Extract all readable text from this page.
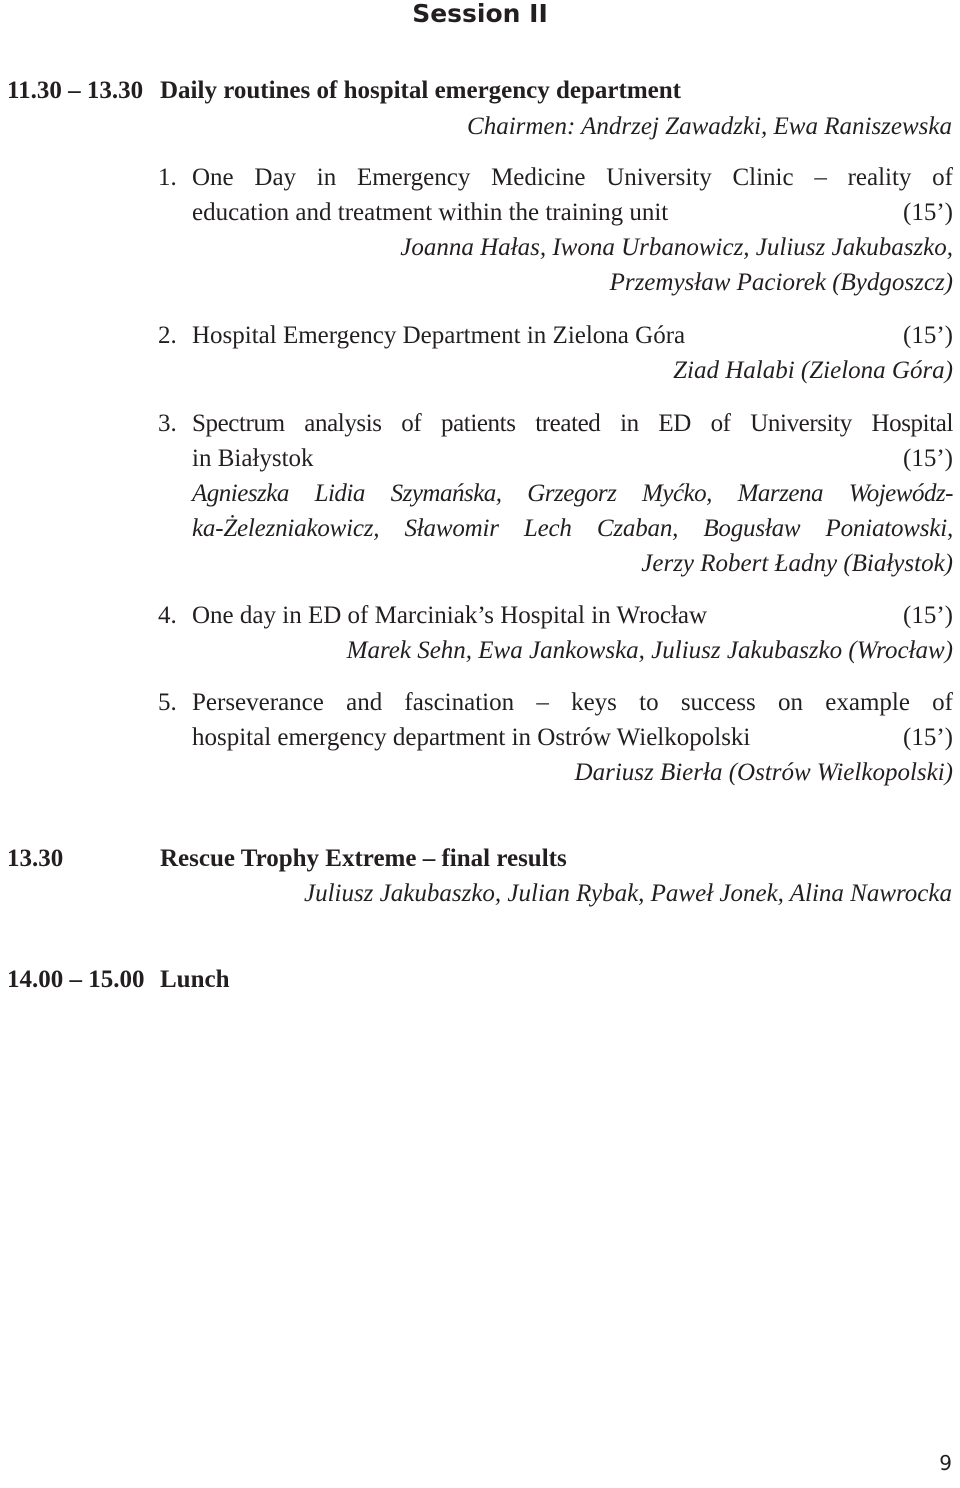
Session II
11.30 – 13.30 Daily routines of hospital emergency department
Chairmen: Andrzej Zawadzki, Ewa Raniszewska
1. One Day in Emergency Medicine University Clinic – reality of
education and treatment within the training unit	(15’)
Joanna Hałas, Iwona Urbanowicz, Juliusz Jakubaszko,
Przemysław Paciorek (Bydgoszcz)
2. Hospital Emergency Department in Zielona Góra	(15’)
Ziad Halabi (Zielona Góra)
3. Spectrum analysis of patients treated in ED of University Hospital
in Białystok	(15’)
Agnieszka Lidia Szymańska, Grzegorz Myćko, Marzena Wojewódz-
ka-Żelezniakowicz, Sławomir Lech Czaban, Bogusław Poniatowski,
Jerzy Robert Ładny (Białystok)
4. One day in ED of Marciniak’s Hospital in Wrocław	(15’)
Marek Sehn, Ewa Jankowska, Juliusz Jakubaszko (Wrocław)
5. Perseverance and fascination – keys to success on example of
hospital emergency department in Ostrów Wielkopolski	(15’)
Dariusz Bierła (Ostrów Wielkopolski)
13.30	Rescue Trophy Extreme – final results
Juliusz Jakubaszko, Julian Rybak, Paweł Jonek, Alina Nawrocka
14.00 – 15.00 Lunch
9
